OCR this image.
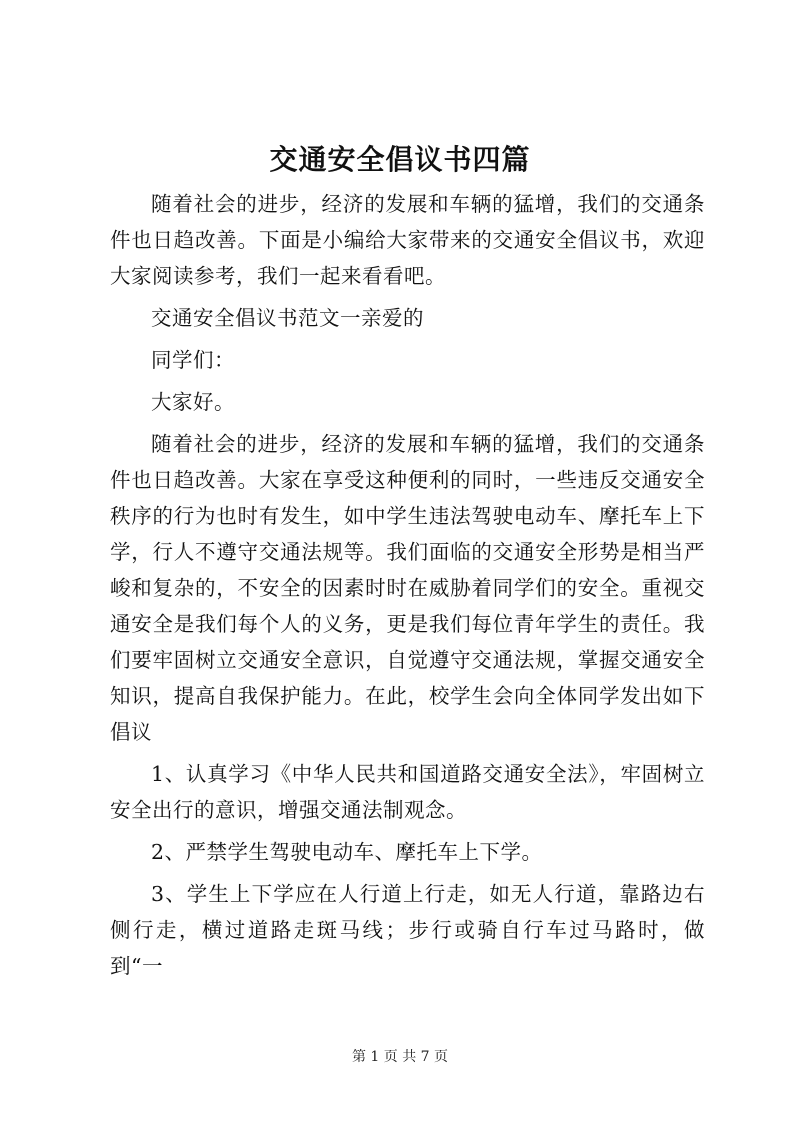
交通安全倡议书四篇

随着社会的进步，经济的发展和车辆的猛增，我们的交通条件也日趋改善。下面是小编给大家带来的交通安全倡议书，欢迎大家阅读参考，我们一起来看看吧。

交通安全倡议书范文一亲爱的

同学们：

大家好。

随着社会的进步，经济的发展和车辆的猛增，我们的交通条件也日趋改善。大家在享受这种便利的同时，一些违反交通安全秩序的行为也时有发生，如中学生违法驾驶电动车、摩托车上下学，行人不遵守交通法规等。我们面临的交通安全形势是相当严峻和复杂的，不安全的因素时时在威胁着同学们的安全。重视交通安全是我们每个人的义务，更是我们每位青年学生的责任。我们要牢固树立交通安全意识，自觉遵守交通法规，掌握交通安全知识，提高自我保护能力。在此，校学生会向全体同学发出如下倡议

1、认真学习《中华人民共和国道路交通安全法》，牢固树立安全出行的意识，增强交通法制观念。

2、严禁学生驾驶电动车、摩托车上下学。

3、学生上下学应在人行道上行走，如无人行道，靠路边右侧行走，横过道路走斑马线；步行或骑自行车过马路时，做到“一

第 1 页 共 7 页
